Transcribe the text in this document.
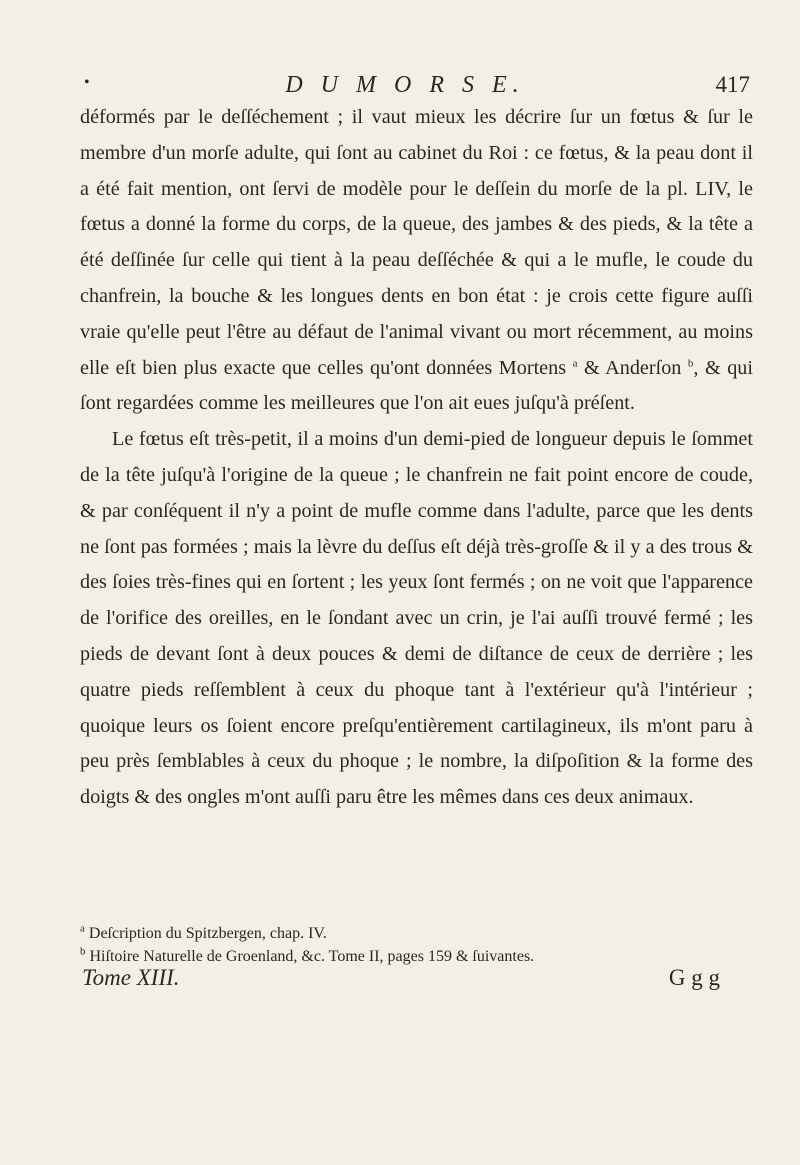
•	D U M O R S E.	417

déformés par le deſſéchement ; il vaut mieux les décrire ſur un fœtus & ſur le membre d'un morſe adulte, qui ſont au cabinet du Roi : ce fœtus, & la peau dont il a été fait mention, ont ſervi de modèle pour le deſſein du morſe de la pl. LIV, le fœtus a donné la forme du corps, de la queue, des jambes & des pieds, & la tête a été deſſinée ſur celle qui tient à la peau deſſéchée & qui a le mufle, le coude du chanfrein, la bouche & les longues dents en bon état : je crois cette figure auſſi vraie qu'elle peut l'être au défaut de l'animal vivant ou mort récemment, au moins elle eſt bien plus exacte que celles qu'ont données Mortens $^a$ & Anderſon $^b$, & qui ſont regardées comme les meilleures que l'on ait eues juſqu'à préſent.

Le fœtus eſt très-petit, il a moins d'un demi-pied de longueur depuis le ſommet de la tête juſqu'à l'origine de la queue ; le chanfrein ne fait point encore de coude, & par conſéquent il n'y a point de mufle comme dans l'adulte, parce que les dents ne ſont pas formées ; mais la lèvre du deſſus eſt déjà très-groſſe & il y a des trous & des ſoies très-fines qui en ſortent ; les yeux ſont fermés ; on ne voit que l'apparence de l'orifice des oreilles, en le ſondant avec un crin, je l'ai auſſi trouvé fermé ; les pieds de devant ſont à deux pouces & demi de diſtance de ceux de derrière ; les quatre pieds reſſemblent à ceux du phoque tant à l'extérieur qu'à l'intérieur ; quoique leurs os ſoient encore preſqu'entièrement cartilagineux, ils m'ont paru à peu près ſemblables à ceux du phoque ; le nombre, la diſpoſition & la forme des doigts & des ongles m'ont auſſi paru être les mêmes dans ces deux animaux.

$^a$ Deſcription du Spitzbergen, chap. IV.
$^b$ Hiſtoire Naturelle de Groenland, &c. Tome II, pages 159 & ſuivantes.
Tome XIII.	G g g
